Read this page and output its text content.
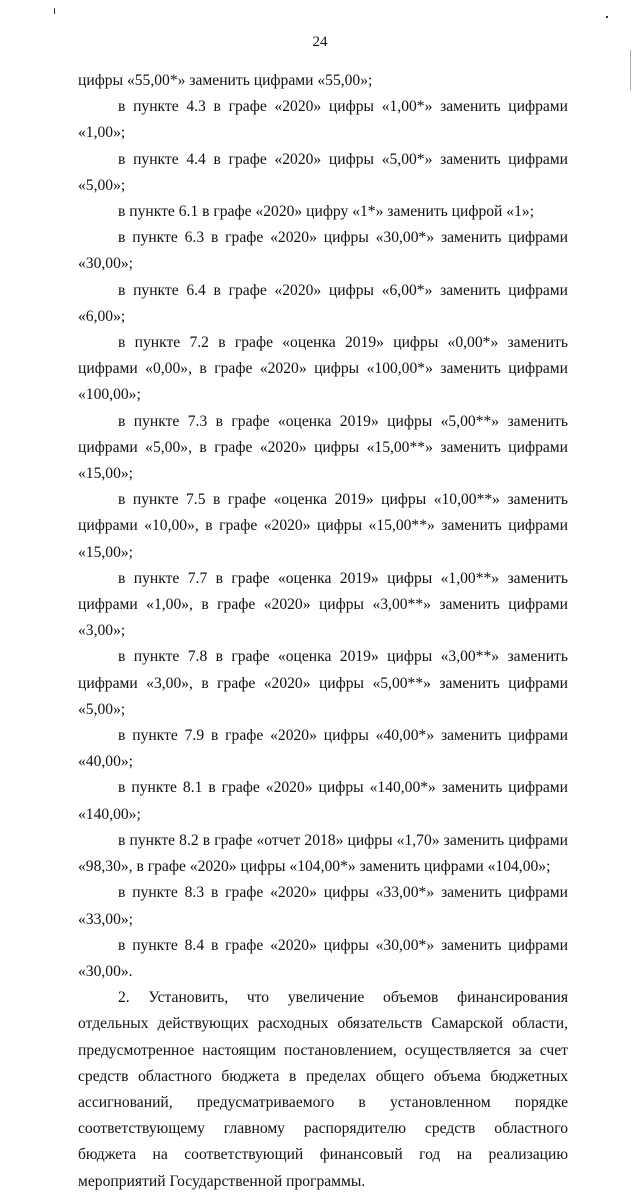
24

цифры «55,00*» заменить цифрами «55,00»;

в пункте 4.3 в графе «2020» цифры «1,00*» заменить цифрами «1,00»;

в пункте 4.4 в графе «2020» цифры «5,00*» заменить цифрами «5,00»;

в пункте 6.1 в графе «2020» цифру «1*» заменить цифрой «1»;

в пункте 6.3 в графе «2020» цифры «30,00*» заменить цифрами «30,00»;

в пункте 6.4 в графе «2020» цифры «6,00*» заменить цифрами «6,00»;

в пункте 7.2 в графе «оценка 2019» цифры «0,00*» заменить цифрами «0,00», в графе «2020» цифры «100,00*» заменить цифрами «100,00»;

в пункте 7.3 в графе «оценка 2019» цифры «5,00**» заменить цифрами «5,00», в графе «2020» цифры «15,00**» заменить цифрами «15,00»;

в пункте 7.5 в графе «оценка 2019» цифры «10,00**» заменить цифрами «10,00», в графе «2020» цифры «15,00**» заменить цифрами «15,00»;

в пункте 7.7 в графе «оценка 2019» цифры «1,00**» заменить цифрами «1,00», в графе «2020» цифры «3,00**» заменить цифрами «3,00»;

в пункте 7.8 в графе «оценка 2019» цифры «3,00**» заменить цифрами «3,00», в графе «2020» цифры «5,00**» заменить цифрами «5,00»;

в пункте 7.9 в графе «2020» цифры «40,00*» заменить цифрами «40,00»;

в пункте 8.1 в графе «2020» цифры «140,00*» заменить цифрами «140,00»;

в пункте 8.2 в графе «отчет 2018» цифры «1,70» заменить цифрами «98,30», в графе «2020» цифры «104,00*» заменить цифрами «104,00»;

в пункте 8.3 в графе «2020» цифры «33,00*» заменить цифрами «33,00»;

в пункте 8.4 в графе «2020» цифры «30,00*» заменить цифрами «30,00».

2. Установить, что увеличение объемов финансирования отдельных действующих расходных обязательств Самарской области, предусмотренное настоящим постановлением, осуществляется за счет средств областного бюджета в пределах общего объема бюджетных ассигнований, предусматриваемого в установленном порядке соответствующему главному распорядителю средств областного бюджета на соответствующий финансовый год на реализацию мероприятий Государственной программы.
